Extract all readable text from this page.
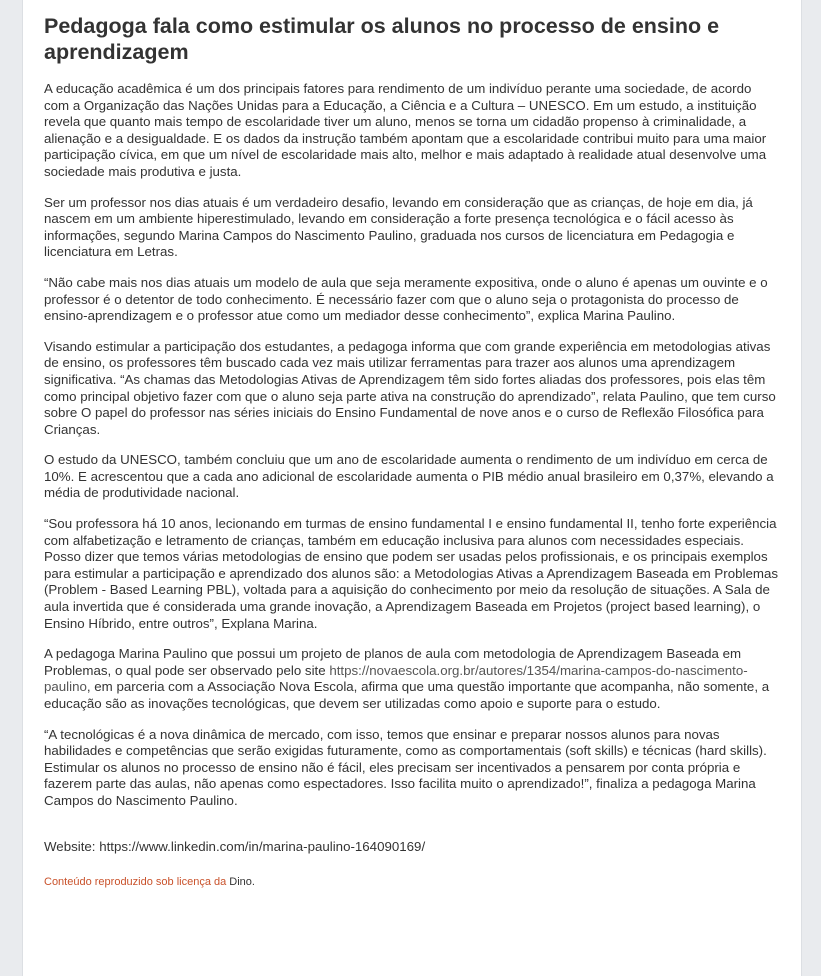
Pedagoga fala como estimular os alunos no processo de ensino e aprendizagem

A educação acadêmica é um dos principais fatores para rendimento de um indivíduo perante uma sociedade, de acordo com a Organização das Nações Unidas para a Educação, a Ciência e a Cultura – UNESCO. Em um estudo, a instituição revela que quanto mais tempo de escolaridade tiver um aluno, menos se torna um cidadão propenso à criminalidade, a alienação e a desigualdade. E os dados da instrução também apontam que a escolaridade contribui muito para uma maior participação cívica, em que um nível de escolaridade mais alto, melhor e mais adaptado à realidade atual desenvolve uma sociedade mais produtiva e justa.

Ser um professor nos dias atuais é um verdadeiro desafio, levando em consideração que as crianças, de hoje em dia, já nascem em um ambiente hiperestimulado, levando em consideração a forte presença tecnológica e o fácil acesso às informações, segundo Marina Campos do Nascimento Paulino, graduada nos cursos de licenciatura em Pedagogia e licenciatura em Letras.

“Não cabe mais nos dias atuais um modelo de aula que seja meramente expositiva, onde o aluno é apenas um ouvinte e o professor é o detentor de todo conhecimento. É necessário fazer com que o aluno seja o protagonista do processo de ensino-aprendizagem e o professor atue como um mediador desse conhecimento”, explica Marina Paulino.

Visando estimular a participação dos estudantes, a pedagoga informa que com grande experiência em metodologias ativas de ensino, os professores têm buscado cada vez mais utilizar ferramentas para trazer aos alunos uma aprendizagem significativa. “As chamas das Metodologias Ativas de Aprendizagem têm sido fortes aliadas dos professores, pois elas têm como principal objetivo fazer com que o aluno seja parte ativa na construção do aprendizado”, relata Paulino, que tem curso sobre O papel do professor nas séries iniciais do Ensino Fundamental de nove anos e o curso de Reflexão Filosófica para Crianças.

O estudo da UNESCO, também concluiu que um ano de escolaridade aumenta o rendimento de um indivíduo em cerca de 10%. E acrescentou que a cada ano adicional de escolaridade aumenta o PIB médio anual brasileiro em 0,37%, elevando a média de produtividade nacional.

“Sou professora há 10 anos, lecionando em turmas de ensino fundamental I e ensino fundamental II, tenho forte experiência com alfabetização e letramento de crianças, também em educação inclusiva para alunos com necessidades especiais. Posso dizer que temos várias metodologias de ensino que podem ser usadas pelos profissionais, e os principais exemplos para estimular a participação e aprendizado dos alunos são: a Metodologias Ativas a Aprendizagem Baseada em Problemas (Problem - Based Learning PBL), voltada para a aquisição do conhecimento por meio da resolução de situações. A Sala de aula invertida que é considerada uma grande inovação, a Aprendizagem Baseada em Projetos (project based learning), o Ensino Híbrido, entre outros”, Explana Marina.

A pedagoga Marina Paulino que possui um projeto de planos de aula com metodologia de Aprendizagem Baseada em Problemas, o qual pode ser observado pelo site https://novaescola.org.br/autores/1354/marina-campos-do-nascimento-paulino, em parceria com a Associação Nova Escola, afirma que uma questão importante que acompanha, não somente, a educação são as inovações tecnológicas, que devem ser utilizadas como apoio e suporte para o estudo.

“A tecnológicas é a nova dinâmica de mercado, com isso, temos que ensinar e preparar nossos alunos para novas habilidades e competências que serão exigidas futuramente, como as comportamentais (soft skills) e técnicas (hard skills). Estimular os alunos no processo de ensino não é fácil, eles precisam ser incentivados a pensarem por conta própria e fazerem parte das aulas, não apenas como espectadores. Isso facilita muito o aprendizado!”, finaliza a pedagoga Marina Campos do Nascimento Paulino.

Website: https://www.linkedin.com/in/marina-paulino-164090169/

Conteúdo reproduzido sob licença da Dino.
